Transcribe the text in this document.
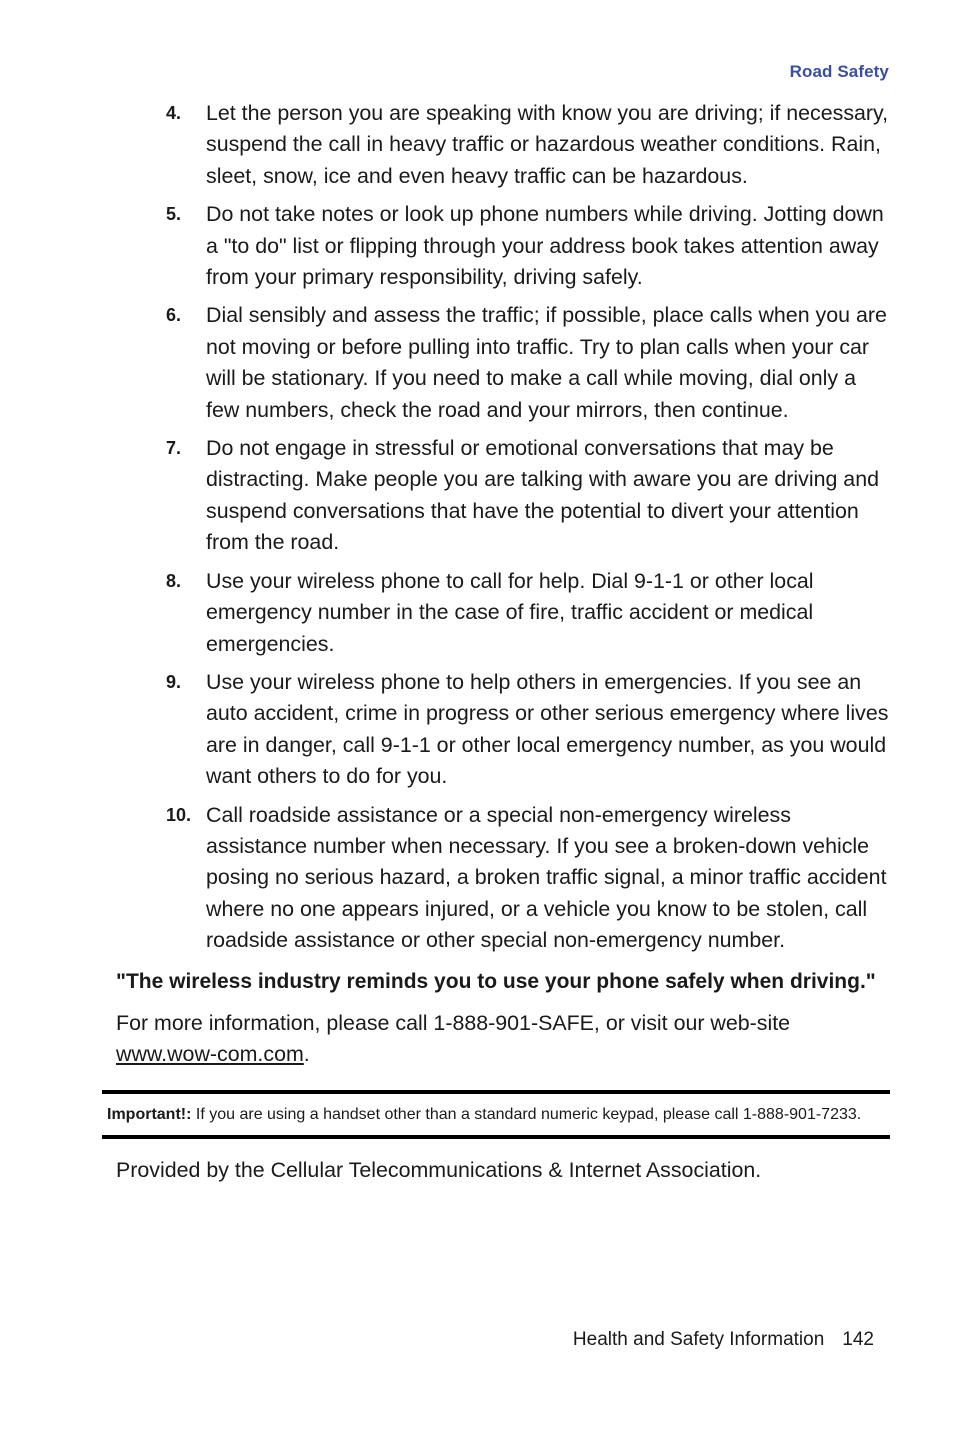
Road Safety
4. Let the person you are speaking with know you are driving; if necessary, suspend the call in heavy traffic or hazardous weather conditions. Rain, sleet, snow, ice and even heavy traffic can be hazardous.
5. Do not take notes or look up phone numbers while driving. Jotting down a "to do" list or flipping through your address book takes attention away from your primary responsibility, driving safely.
6. Dial sensibly and assess the traffic; if possible, place calls when you are not moving or before pulling into traffic. Try to plan calls when your car will be stationary. If you need to make a call while moving, dial only a few numbers, check the road and your mirrors, then continue.
7. Do not engage in stressful or emotional conversations that may be distracting. Make people you are talking with aware you are driving and suspend conversations that have the potential to divert your attention from the road.
8. Use your wireless phone to call for help. Dial 9-1-1 or other local emergency number in the case of fire, traffic accident or medical emergencies.
9. Use your wireless phone to help others in emergencies. If you see an auto accident, crime in progress or other serious emergency where lives are in danger, call 9-1-1 or other local emergency number, as you would want others to do for you.
10. Call roadside assistance or a special non-emergency wireless assistance number when necessary. If you see a broken-down vehicle posing no serious hazard, a broken traffic signal, a minor traffic accident where no one appears injured, or a vehicle you know to be stolen, call roadside assistance or other special non-emergency number.
"The wireless industry reminds you to use your phone safely when driving."
For more information, please call 1-888-901-SAFE, or visit our web-site www.wow-com.com.
Important!: If you are using a handset other than a standard numeric keypad, please call 1-888-901-7233.
Provided by the Cellular Telecommunications & Internet Association.
Health and Safety Information 142
